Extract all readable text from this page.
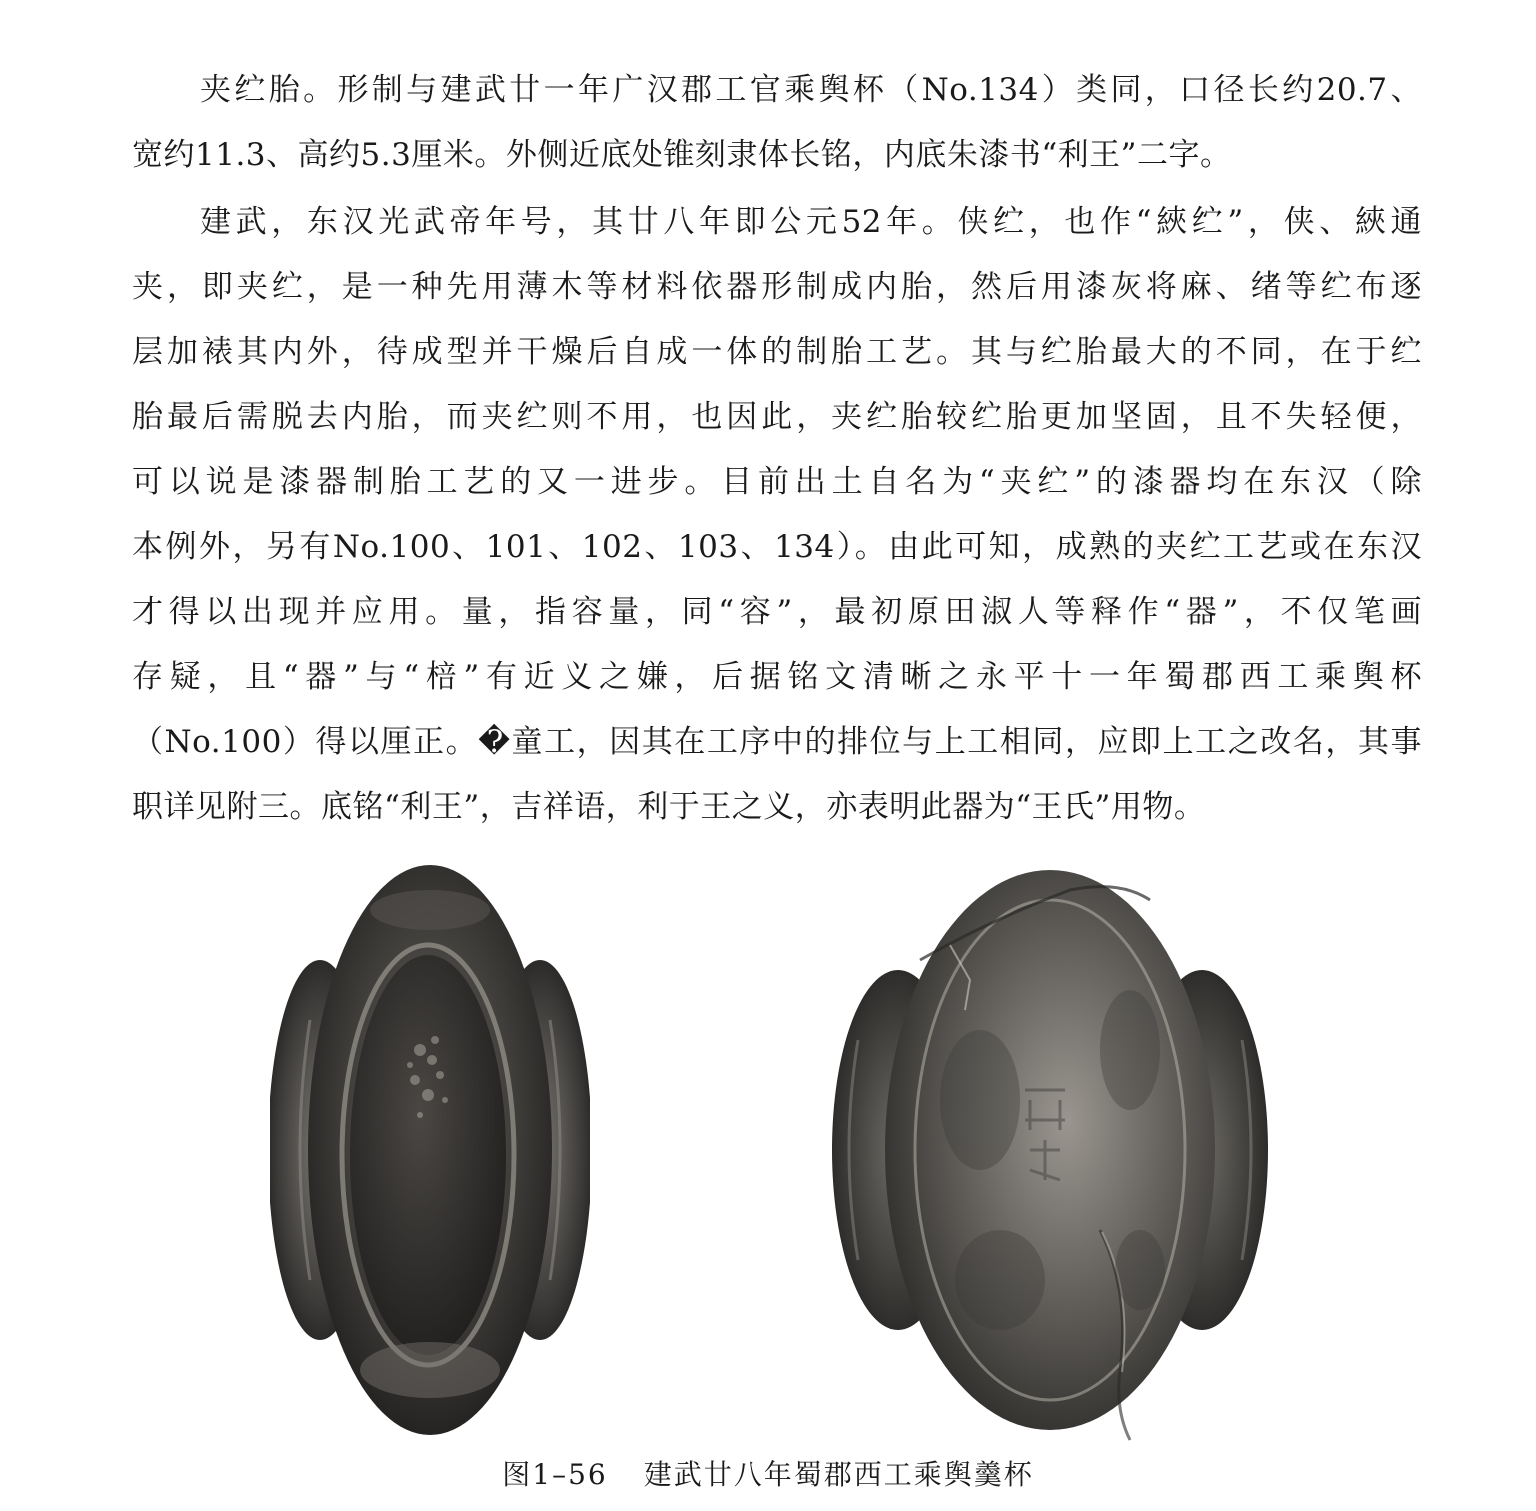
夹纻胎。形制与建武廿一年广汉郡工官乘舆杯（No.134）类同，口径长约20.7、
宽约11.3、高约5.3厘米。外侧近底处锥刻隶体长铭，内底朱漆书“利王”二字。
建武，东汉光武帝年号，其廿八年即公元52年。侠纻，也作“綊纻”，侠、綊通
夹，即夹纻，是一种先用薄木等材料依器形制成内胎，然后用漆灰将麻、绪等纻布逐
层加裱其内外，待成型并干燥后自成一体的制胎工艺。其与纻胎最大的不同，在于纻
胎最后需脱去内胎，而夹纻则不用，也因此，夹纻胎较纻胎更加坚固，且不失轻便，
可以说是漆器制胎工艺的又一进步。目前出土自名为“夹纻”的漆器均在东汉（除
本例外，另有No.100、101、102、103、134）。由此可知，成熟的夹纻工艺或在东汉
才得以出现并应用。量，指容量，同“容”，最初原田淑人等释作“器”，不仅笔画
存疑，且“器”与“棓”有近义之嫌，后据铭文清晰之永平十一年蜀郡西工乘舆杯
（No.100）得以厘正。�童工，因其在工序中的排位与上工相同，应即上工之改名，其事
职详见附三。底铭“利王”，吉祥语，利于王之义，亦表明此器为“王氏”用物。
图1–56 建武廿八年蜀郡西工乘舆羹杯
